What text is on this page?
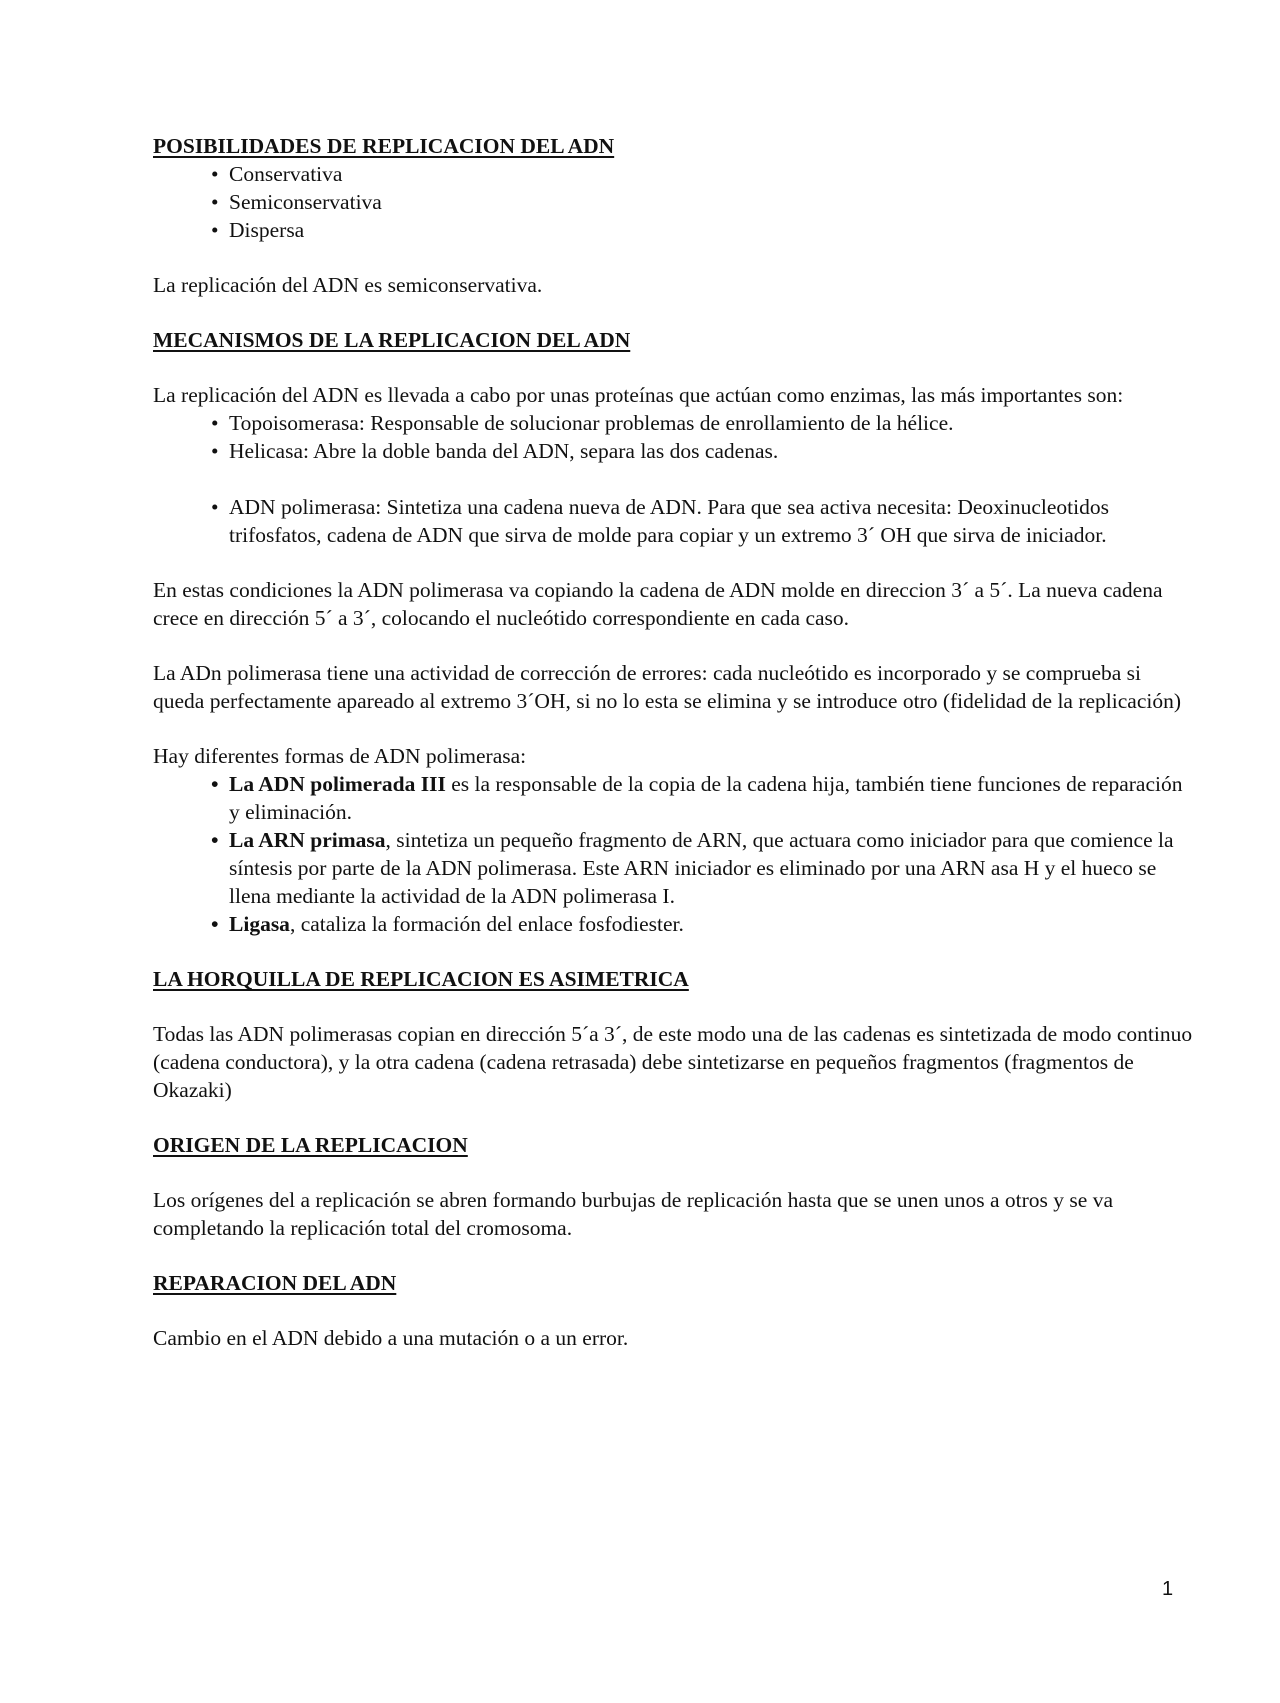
POSIBILIDADES DE REPLICACION DEL ADN

• Conservativa
• Semiconservativa
• Dispersa

La replicación del ADN es semiconservativa.

MECANISMOS DE LA REPLICACION DEL ADN

La replicación del ADN es llevada a cabo por unas proteínas que actúan como enzimas, las más importantes son:

• Topoisomerasa: Responsable de solucionar problemas de enrollamiento de la hélice.
• Helicasa: Abre la doble banda del ADN, separa las dos cadenas.
• ADN polimerasa: Sintetiza una cadena nueva de ADN. Para que sea activa necesita: Deoxinucleotidos trifosfatos, cadena de ADN que sirva de molde para copiar y un extremo 3´ OH que sirva de iniciador.

En estas condiciones la ADN polimerasa va copiando la cadena de ADN molde en direccion 3´ a 5´. La nueva cadena crece en dirección 5´ a 3´, colocando el nucleótido correspondiente en cada caso.

La ADn polimerasa tiene una actividad de corrección de errores: cada nucleótido es incorporado y se comprueba si queda perfectamente apareado al extremo 3´OH, si no lo esta se elimina y se introduce otro (fidelidad de la replicación)

Hay diferentes formas de ADN polimerasa:

• La ADN polimerada III es la responsable de la copia de la cadena hija, también tiene funciones de reparación y eliminación.
• La ARN primasa, sintetiza un pequeño fragmento de ARN, que actuara como iniciador para que comience la síntesis por parte de la ADN polimerasa. Este ARN iniciador es eliminado por una ARN asa H y el hueco se llena mediante la actividad de la ADN polimerasa I.
• Ligasa, cataliza la formación del enlace fosfodiester.

LA HORQUILLA DE REPLICACION ES ASIMETRICA

Todas las ADN polimerasas copian en dirección 5´a 3´, de este modo una de las cadenas es sintetizada de modo continuo (cadena conductora), y la otra cadena (cadena retrasada) debe sintetizarse en pequeños fragmentos (fragmentos de Okazaki)

ORIGEN DE LA REPLICACION

Los orígenes del a replicación se abren formando burbujas de replicación hasta que se unen unos a otros y se va completando la replicación total del cromosoma.

REPARACION DEL ADN

Cambio en el ADN debido a una mutación o a un error.

1
